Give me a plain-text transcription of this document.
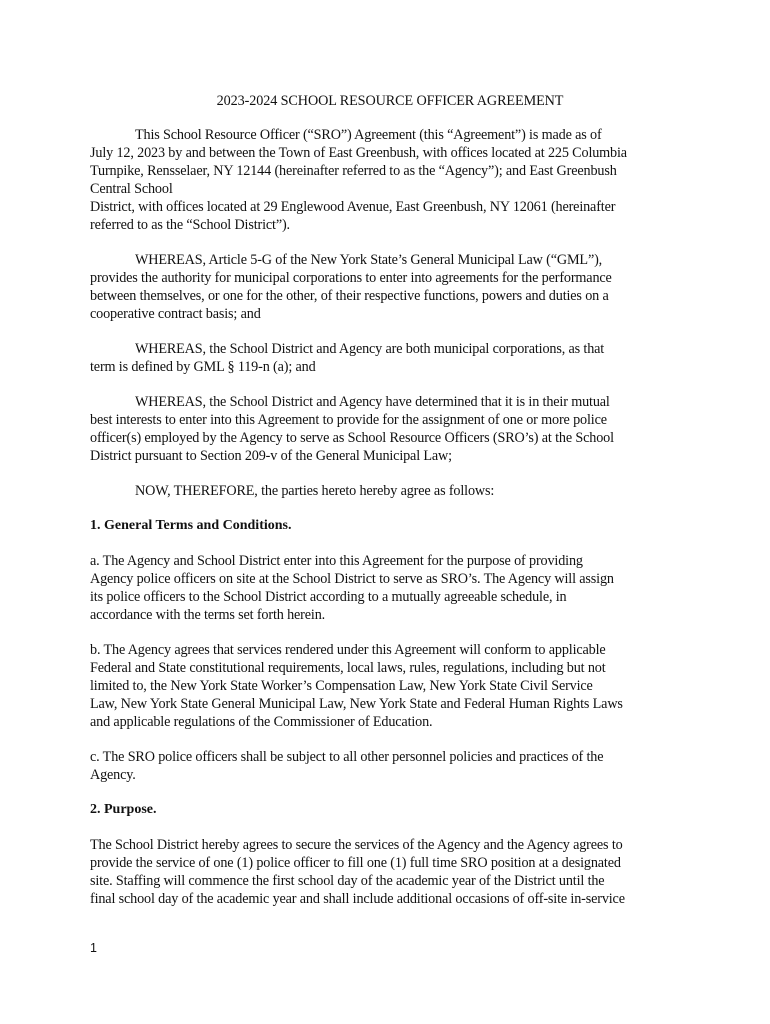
2023-2024 SCHOOL RESOURCE OFFICER AGREEMENT

This School Resource Officer (“SRO”) Agreement (this “Agreement”) is made as of
July 12, 2023 by and between the Town of East Greenbush, with offices located at 225 Columbia
Turnpike, Rensselaer, NY 12144 (hereinafter referred to as the “Agency”); and East Greenbush
Central School
District, with offices located at 29 Englewood Avenue, East Greenbush, NY 12061 (hereinafter
referred to as the “School District”).

WHEREAS, Article 5-G of the New York State’s General Municipal Law (“GML”),
provides the authority for municipal corporations to enter into agreements for the performance
between themselves, or one for the other, of their respective functions, powers and duties on a
cooperative contract basis; and

WHEREAS, the School District and Agency are both municipal corporations, as that
term is defined by GML § 119-n (a); and

WHEREAS, the School District and Agency have determined that it is in their mutual
best interests to enter into this Agreement to provide for the assignment of one or more police
officer(s) employed by the Agency to serve as School Resource Officers (SRO’s) at the School
District pursuant to Section 209-v of the General Municipal Law;

NOW, THEREFORE, the parties hereto hereby agree as follows:

1. General Terms and Conditions.

a. The Agency and School District enter into this Agreement for the purpose of providing
Agency police officers on site at the School District to serve as SRO’s. The Agency will assign
its police officers to the School District according to a mutually agreeable schedule, in
accordance with the terms set forth herein.

b. The Agency agrees that services rendered under this Agreement will conform to applicable
Federal and State constitutional requirements, local laws, rules, regulations, including but not
limited to, the New York State Worker’s Compensation Law, New York State Civil Service
Law, New York State General Municipal Law, New York State and Federal Human Rights Laws
and applicable regulations of the Commissioner of Education.

c. The SRO police officers shall be subject to all other personnel policies and practices of the
Agency.

2. Purpose.

The School District hereby agrees to secure the services of the Agency and the Agency agrees to
provide the service of one (1) police officer to fill one (1) full time SRO position at a designated
site. Staffing will commence the first school day of the academic year of the District until the
final school day of the academic year and shall include additional occasions of off-site in-service

1
